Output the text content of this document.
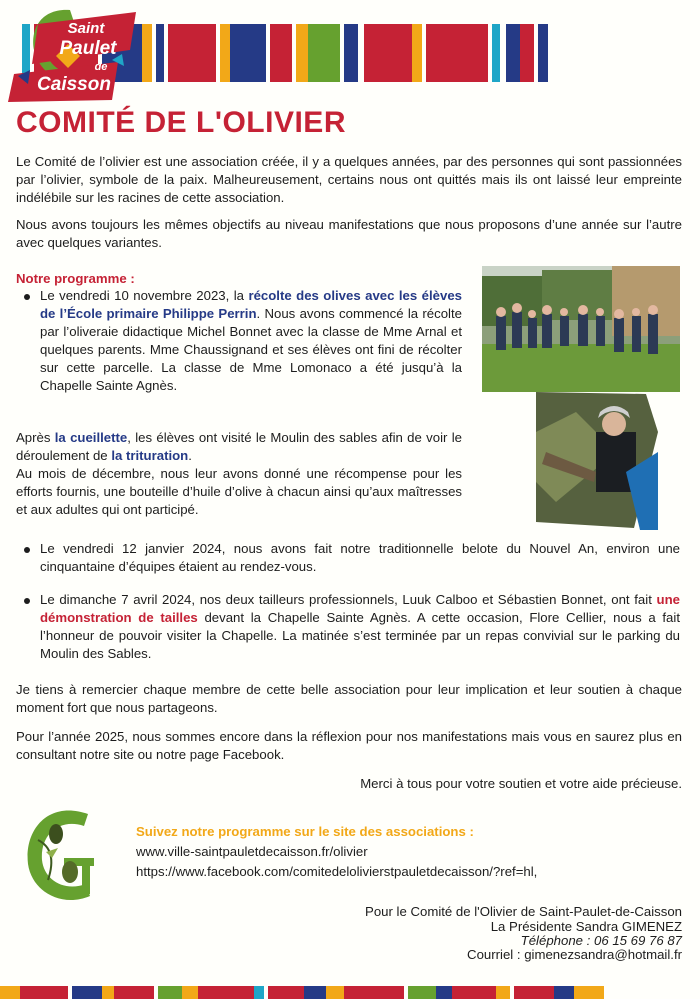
Saint
Paulet
de
Caisson
COMITÉ DE L'OLIVIER

Le Comité de l’olivier est une association créée, il y a quelques années, par des personnes qui sont passionnées par l’olivier, symbole de la paix. Malheureusement, certains nous ont quittés mais ils ont laissé leur empreinte indélébile sur les racines de cette association.

Nous avons toujours les mêmes objectifs au niveau manifestations que nous proposons d’une année sur l’autre avec quelques variantes.

Notre programme :

Le vendredi 10 novembre 2023, la récolte des olives avec les élèves de l’École primaire Philippe Perrin. Nous avons commencé la récolte par l’oliveraie didactique Michel Bonnet avec la classe de Mme Arnal et quelques parents. Mme Chaussignand et ses élèves ont fini de récolter sur cette parcelle. La classe de Mme Lomonaco a été jusqu’à la Chapelle Sainte Agnès.

Après la cueillette, les élèves ont visité le Moulin des sables afin de voir le déroulement de la trituration.
Au mois de décembre, nous leur avons donné une récompense pour les efforts fournis, une bouteille d’huile d’olive à chacun ainsi qu’aux maîtresses et aux adultes qui ont participé.

Le vendredi 12 janvier 2024, nous avons fait notre traditionnelle belote du Nouvel An, environ une cinquantaine d’équipes étaient au rendez-vous.

Le dimanche 7 avril 2024, nos deux tailleurs professionnels, Luuk Calboo et Sébastien Bonnet, ont fait une démonstration de tailles devant la Chapelle Sainte Agnès. A cette occasion, Flore Cellier, nous a fait l’honneur de pouvoir visiter la Chapelle. La matinée s’est terminée par un repas convivial sur le parking du Moulin des Sables.

Je tiens à remercier chaque membre de cette belle association pour leur implication et leur soutien à chaque moment fort que nous partageons.

Pour l’année 2025, nous sommes encore dans la réflexion pour nos manifestations mais vous en saurez plus en consultant notre site ou notre page Facebook.

Merci à tous pour votre soutien et votre aide précieuse.

Suivez notre programme sur le site des associations :

www.ville-saintpauletdecaisson.fr/olivier

https://www.facebook.com/comitedelolivierstpauletdecaisson/?ref=hl,

Pour le Comité de l'Olivier de Saint-Paulet-de-Caisson

La Présidente Sandra GIMENEZ

Téléphone : 06 15 69 76 87

Courriel : gimenezsandra@hotmail.fr
